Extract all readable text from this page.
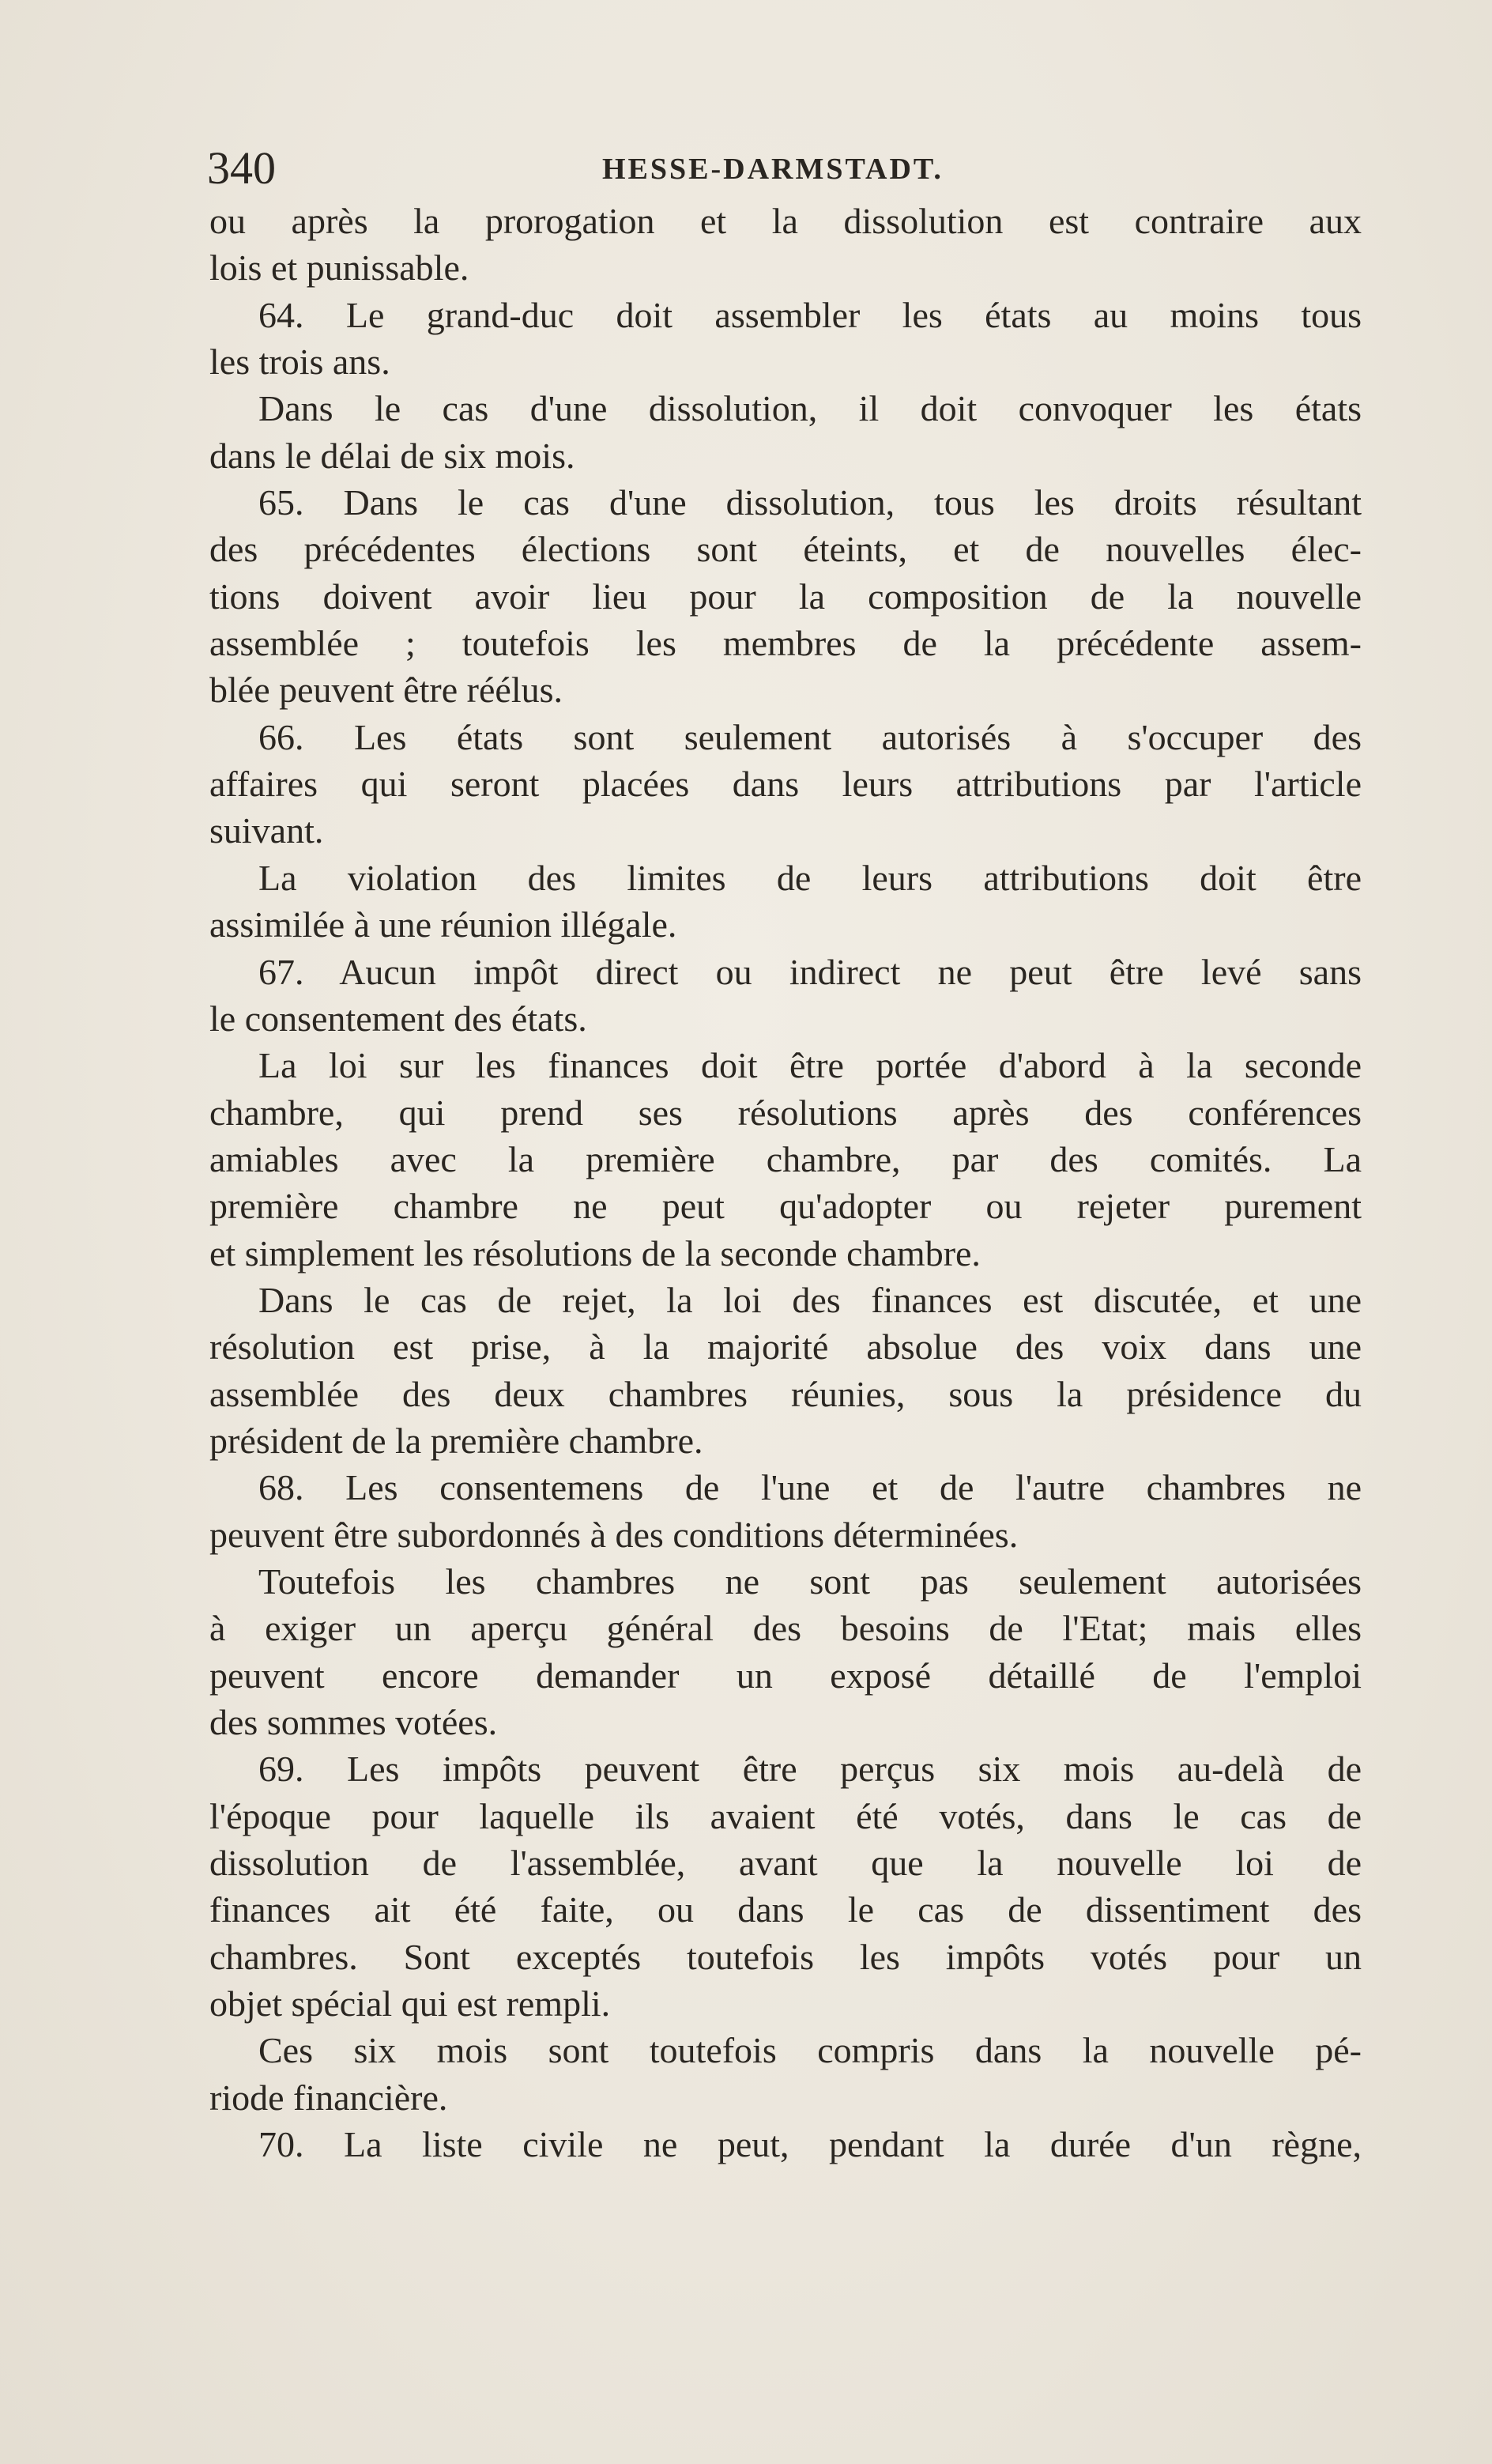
340	HESSE-DARMSTADT.
ou après la prorogation et la dissolution est contraire aux
lois et punissable.
64. Le grand-duc doit assembler les états au moins tous
les trois ans.
Dans le cas d'une dissolution, il doit convoquer les états
dans le délai de six mois.
65. Dans le cas d'une dissolution, tous les droits résultant
des précédentes élections sont éteints, et de nouvelles élec-
tions doivent avoir lieu pour la composition de la nouvelle
assemblée ; toutefois les membres de la précédente assem-
blée peuvent être réélus.
66. Les états sont seulement autorisés à s'occuper des
affaires qui seront placées dans leurs attributions par l'article
suivant.
La violation des limites de leurs attributions doit être
assimilée à une réunion illégale.
67. Aucun impôt direct ou indirect ne peut être levé sans
le consentement des états.
La loi sur les finances doit être portée d'abord à la seconde
chambre, qui prend ses résolutions après des conférences
amiables avec la première chambre, par des comités. La
première chambre ne peut qu'adopter ou rejeter purement
et simplement les résolutions de la seconde chambre.
Dans le cas de rejet, la loi des finances est discutée, et une
résolution est prise, à la majorité absolue des voix dans une
assemblée des deux chambres réunies, sous la présidence du
président de la première chambre.
68. Les consentemens de l'une et de l'autre chambres ne
peuvent être subordonnés à des conditions déterminées.
Toutefois les chambres ne sont pas seulement autorisées
à exiger un aperçu général des besoins de l'Etat; mais elles
peuvent encore demander un exposé détaillé de l'emploi
des sommes votées.
69. Les impôts peuvent être perçus six mois au-delà de
l'époque pour laquelle ils avaient été votés, dans le cas de
dissolution de l'assemblée, avant que la nouvelle loi de
finances ait été faite, ou dans le cas de dissentiment des
chambres. Sont exceptés toutefois les impôts votés pour un
objet spécial qui est rempli.
Ces six mois sont toutefois compris dans la nouvelle pé-
riode financière.
70. La liste civile ne peut, pendant la durée d'un règne,
